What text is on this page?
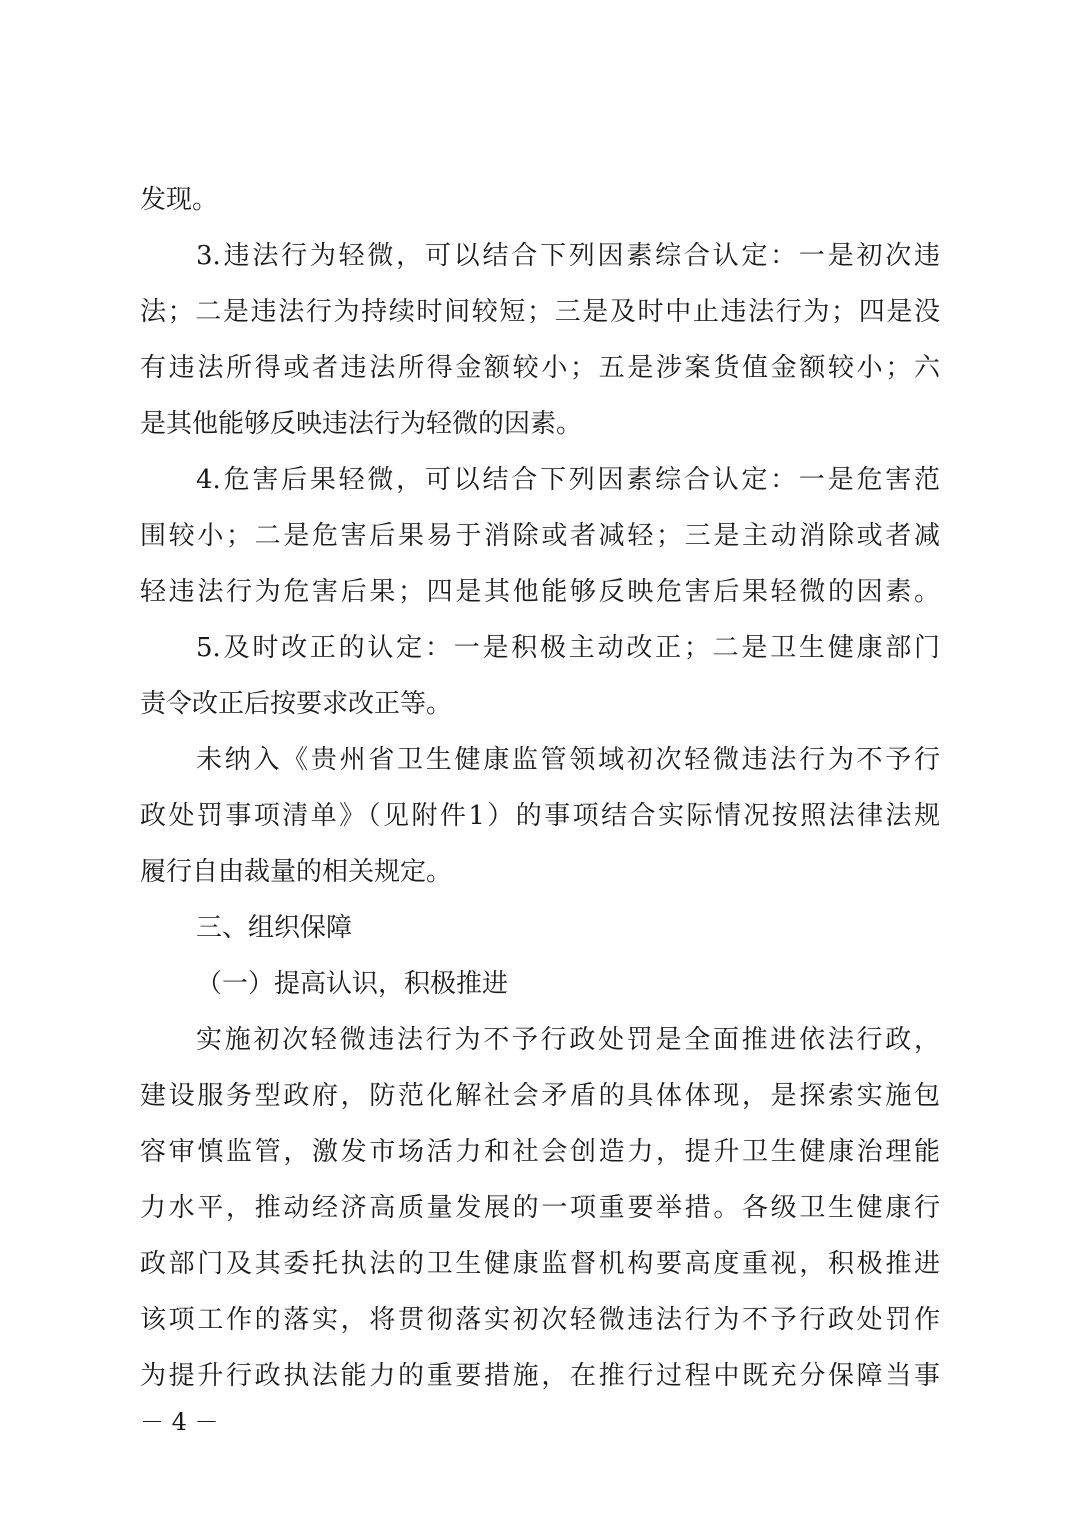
发现。
3.违法行为轻微，可以结合下列因素综合认定：一是初次违
法；二是违法行为持续时间较短；三是及时中止违法行为；四是没
有违法所得或者违法所得金额较小；五是涉案货值金额较小；六
是其他能够反映违法行为轻微的因素。
4.危害后果轻微，可以结合下列因素综合认定：一是危害范
围较小；二是危害后果易于消除或者减轻；三是主动消除或者减
轻违法行为危害后果；四是其他能够反映危害后果轻微的因素。
5.及时改正的认定：一是积极主动改正；二是卫生健康部门
责令改正后按要求改正等。
未纳入《贵州省卫生健康监管领域初次轻微违法行为不予行
政处罚事项清单》（见附件1）的事项结合实际情况按照法律法规
履行自由裁量的相关规定。
三、组织保障
（一）提高认识，积极推进
实施初次轻微违法行为不予行政处罚是全面推进依法行政，
建设服务型政府，防范化解社会矛盾的具体体现，是探索实施包
容审慎监管，激发市场活力和社会创造力，提升卫生健康治理能
力水平，推动经济高质量发展的一项重要举措。各级卫生健康行
政部门及其委托执法的卫生健康监督机构要高度重视，积极推进
该项工作的落实，将贯彻落实初次轻微违法行为不予行政处罚作
为提升行政执法能力的重要措施，在推行过程中既充分保障当事
－ 4 －
